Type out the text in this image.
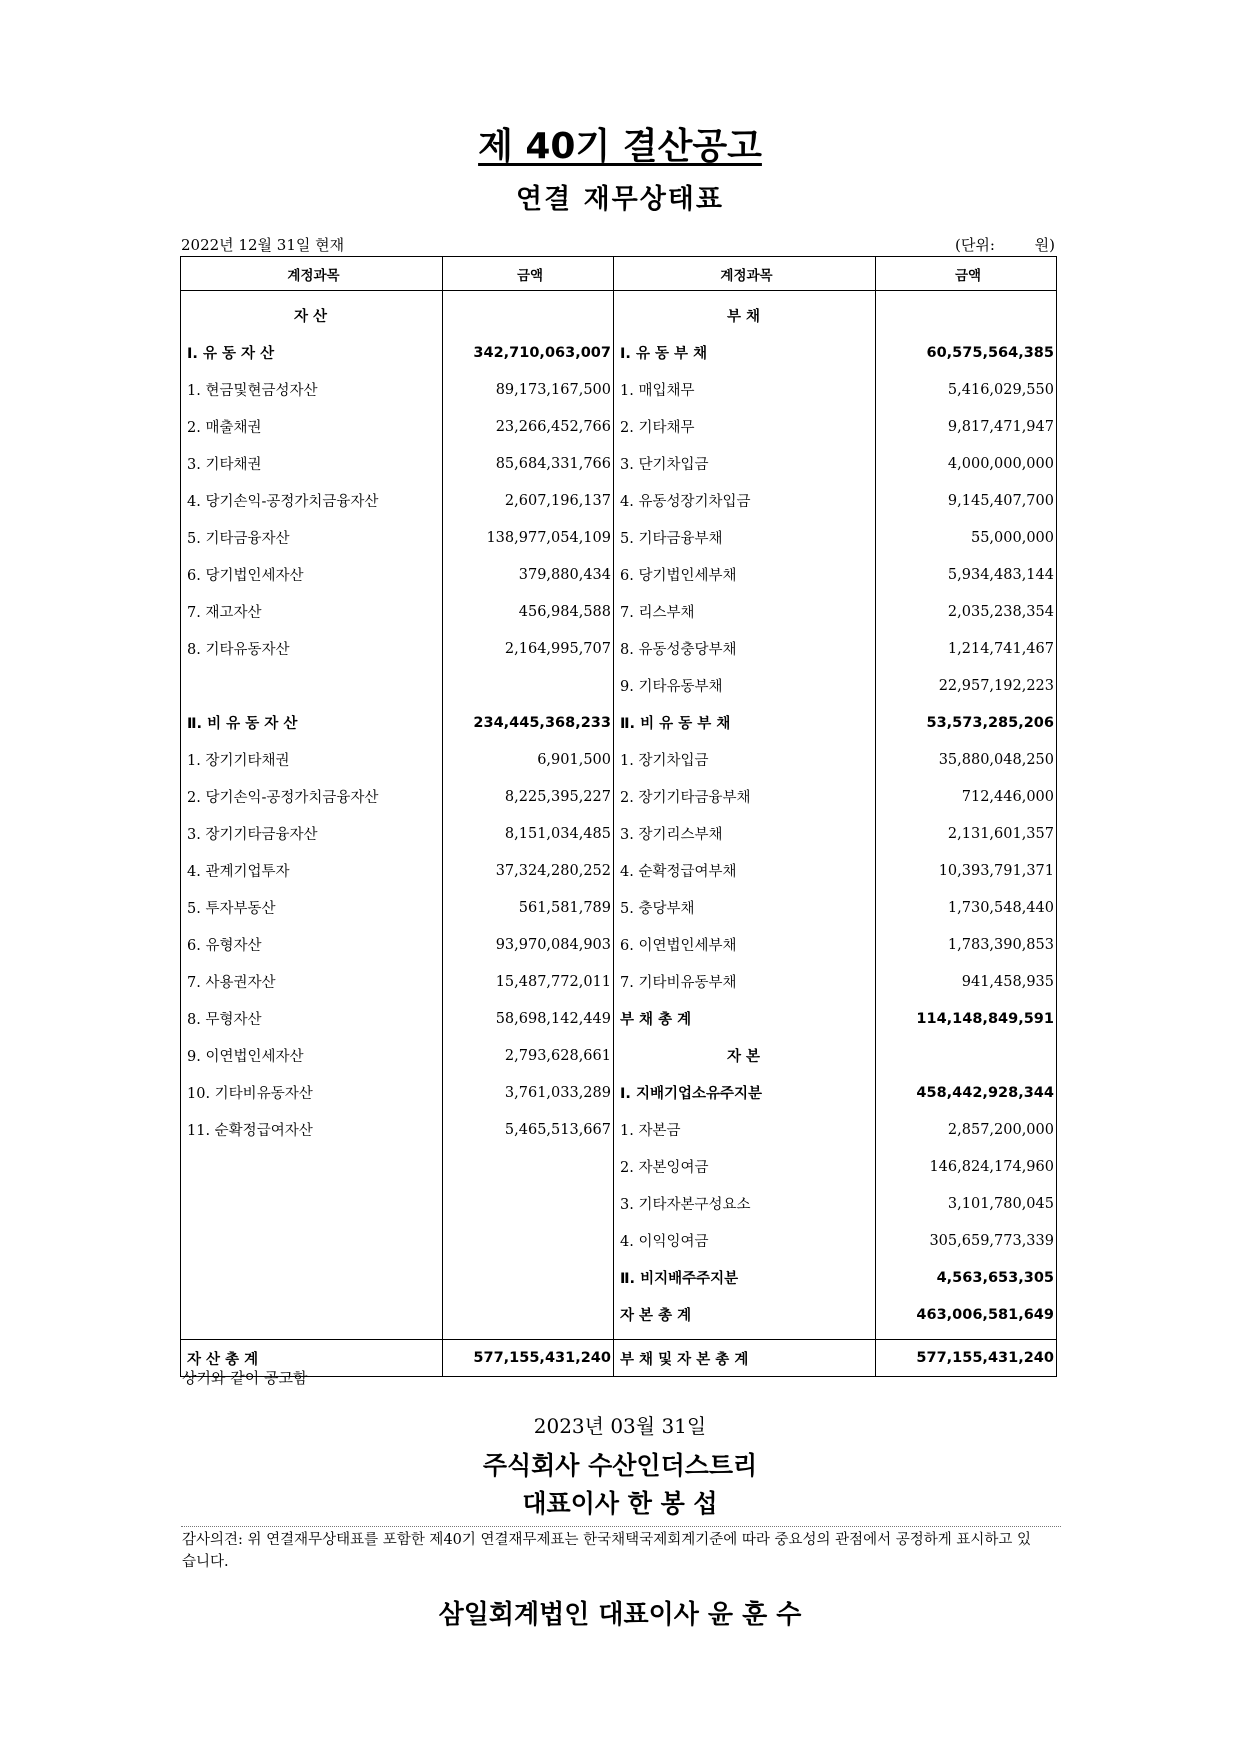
제 40기 결산공고
연결 재무상태표
2022년 12월 31일 현재	(단위:	원)
계정과목	금액	계정과목	금액
자 산		부 채	
Ⅰ. 유 동 자 산	342,710,063,007	Ⅰ. 유 동 부 채	60,575,564,385
1. 현금및현금성자산	89,173,167,500	1. 매입채무	5,416,029,550
2. 매출채권	23,266,452,766	2. 기타채무	9,817,471,947
3. 기타채권	85,684,331,766	3. 단기차입금	4,000,000,000
4. 당기손익-공정가치금융자산	2,607,196,137	4. 유동성장기차입금	9,145,407,700
5. 기타금융자산	138,977,054,109	5. 기타금융부채	55,000,000
6. 당기법인세자산	379,880,434	6. 당기법인세부채	5,934,483,144
7. 재고자산	456,984,588	7. 리스부채	2,035,238,354
8. 기타유동자산	2,164,995,707	8. 유동성충당부채	1,214,741,467
		9. 기타유동부채	22,957,192,223
Ⅱ. 비 유 동 자 산	234,445,368,233	Ⅱ. 비 유 동 부 채	53,573,285,206
1. 장기기타채권	6,901,500	1. 장기차입금	35,880,048,250
2. 당기손익-공정가치금융자산	8,225,395,227	2. 장기기타금융부채	712,446,000
3. 장기기타금융자산	8,151,034,485	3. 장기리스부채	2,131,601,357
4. 관계기업투자	37,324,280,252	4. 순확정급여부채	10,393,791,371
5. 투자부동산	561,581,789	5. 충당부채	1,730,548,440
6. 유형자산	93,970,084,903	6. 이연법인세부채	1,783,390,853
7. 사용권자산	15,487,772,011	7. 기타비유동부채	941,458,935
8. 무형자산	58,698,142,449	부 채 총 계	114,148,849,591
9. 이연법인세자산	2,793,628,661	자 본	
10. 기타비유동자산	3,761,033,289	Ⅰ. 지배기업소유주지분	458,442,928,344
11. 순확정급여자산	5,465,513,667	1. 자본금	2,857,200,000
		2. 자본잉여금	146,824,174,960
		3. 기타자본구성요소	3,101,780,045
		4. 이익잉여금	305,659,773,339
		Ⅱ. 비지배주주지분	4,563,653,305
		자 본 총 계	463,006,581,649

자 산 총 계	577,155,431,240	부 채 및 자 본 총 계	577,155,431,240
상기와 같이 공고함
2023년 03월 31일
주식회사 수산인더스트리
대표이사 한 봉 섭
감사의견: 위 연결재무상태표를 포함한 제40기 연결재무제표는 한국채택국제회계기준에 따라 중요성의 관점에서 공정하게 표시하고 있습니다.
삼일회계법인 대표이사 윤 훈 수
